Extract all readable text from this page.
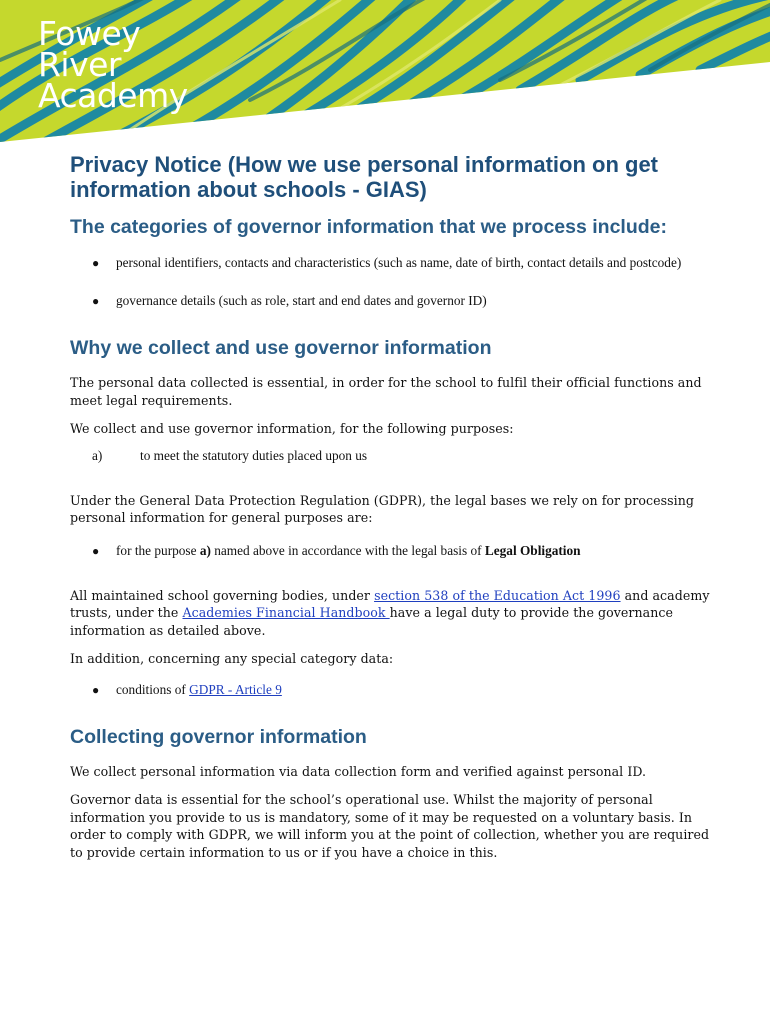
Fowey
River
Academy
Privacy Notice (How we use personal information on get information about schools - GIAS)
The categories of governor information that we process include:
● personal identifiers, contacts and characteristics (such as name, date of birth, contact details and postcode)
● governance details (such as role, start and end dates and governor ID)
Why we collect and use governor information

The personal data collected is essential, in order for the school to fulfil their official functions and meet legal requirements.

We collect and use governor information, for the following purposes:

a)	to meet the statutory duties placed upon us

Under the General Data Protection Regulation (GDPR), the legal bases we rely on for processing personal information for general purposes are:

● for the purpose a) named above in accordance with the legal basis of Legal Obligation

All maintained school governing bodies, under section 538 of the Education Act 1996 and academy trusts, under the Academies Financial Handbook have a legal duty to provide the governance information as detailed above.

In addition, concerning any special category data:

● conditions of GDPR - Article 9
Collecting governor information

We collect personal information via data collection form and verified against personal ID.

Governor data is essential for the school’s operational use. Whilst the majority of personal information you provide to us is mandatory, some of it may be requested on a voluntary basis. In order to comply with GDPR, we will inform you at the point of collection, whether you are required to provide certain information to us or if you have a choice in this.
